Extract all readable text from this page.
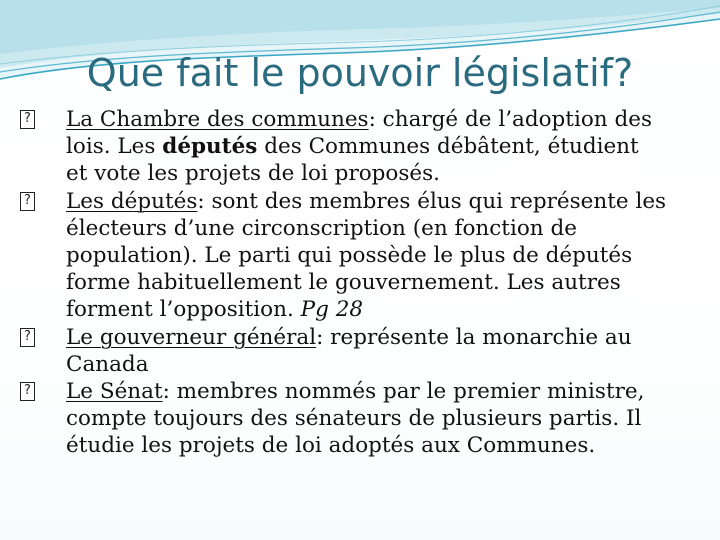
Que fait le pouvoir législatif?
?
La Chambre des communes: chargé de l’adoption des
lois. Les députés des Communes débâtent, étudient
et vote les projets de loi proposés.
?
Les députés: sont des membres élus qui représente les
électeurs d’une circonscription (en fonction de
population). Le parti qui possède le plus de députés
forme habituellement le gouvernement. Les autres
forment l’opposition. Pg 28
?
Le gouverneur général: représente la monarchie au
Canada
?
Le Sénat: membres nommés par le premier ministre,
compte toujours des sénateurs de plusieurs partis. Il
étudie les projets de loi adoptés aux Communes.
